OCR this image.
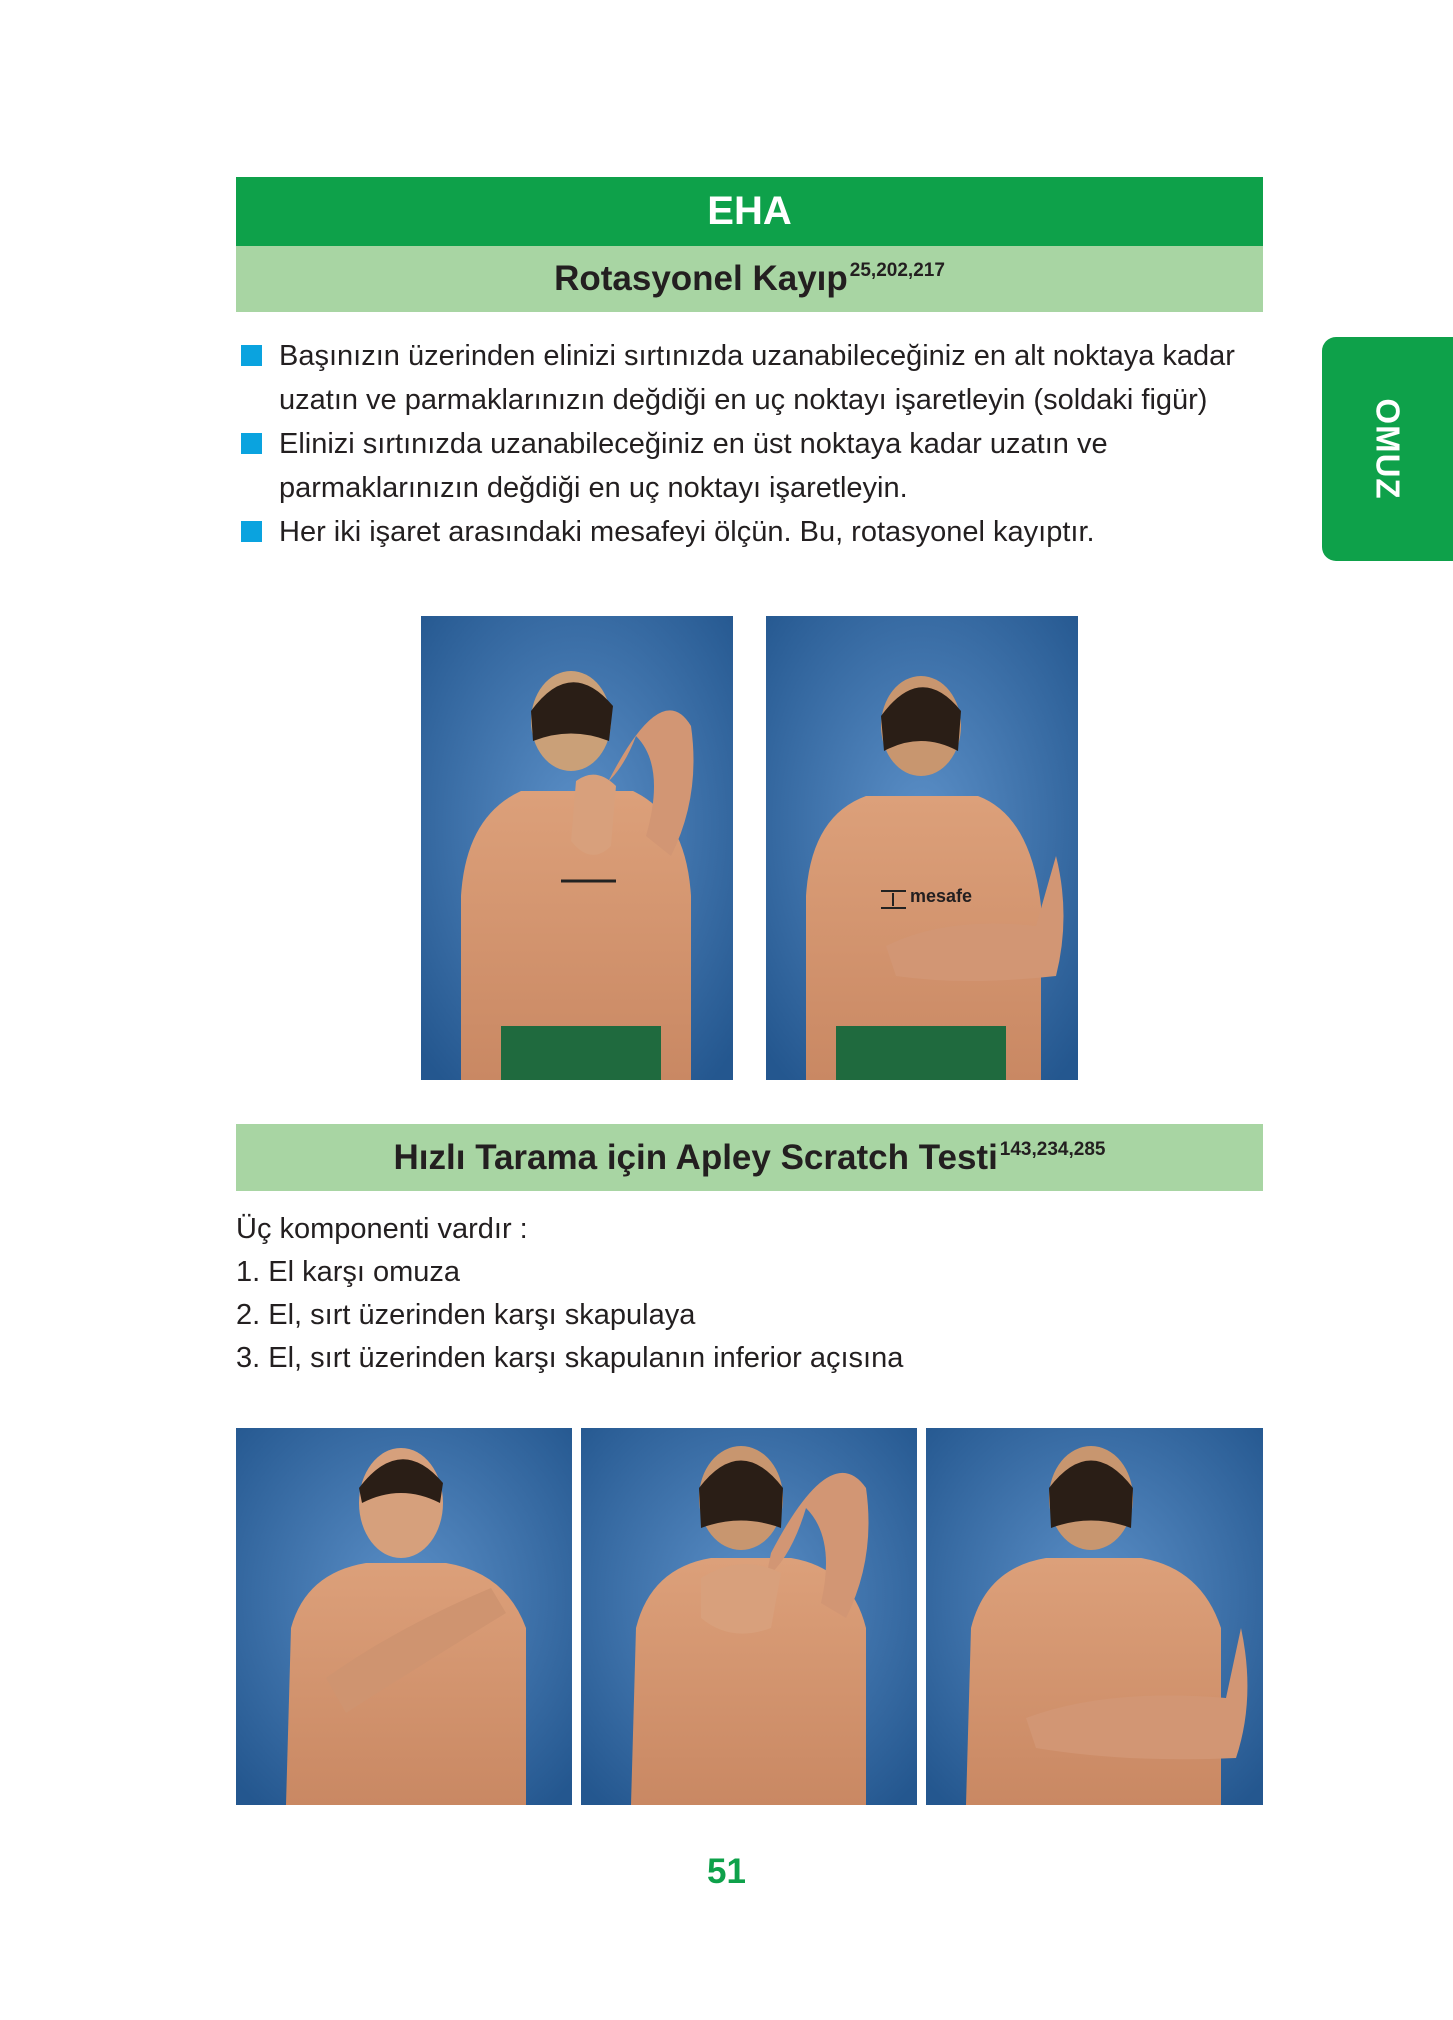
EHA
Rotasyonel Kayıp$^{25,202,217}$
Başınızın üzerinden elinizi sırtınızda uzanabileceğiniz en alt noktaya kadar uzatın ve parmaklarınızın değdiği en uç noktayı işaretleyin (soldaki figür)
Elinizi sırtınızda uzanabileceğiniz en üst noktaya kadar uzatın ve parmaklarınızın değdiği en uç noktayı işaretleyin.
Her iki işaret arasındaki mesafeyi ölçün. Bu, rotasyonel kayıptır.
OMUZ
mesafe
Hızlı Tarama için Apley Scratch Testi$^{143,234,285}$
Üç komponenti vardır :
1. El karşı omuza
2. El, sırt üzerinden karşı skapulaya
3. El, sırt üzerinden karşı skapulanın inferior açısına
51
